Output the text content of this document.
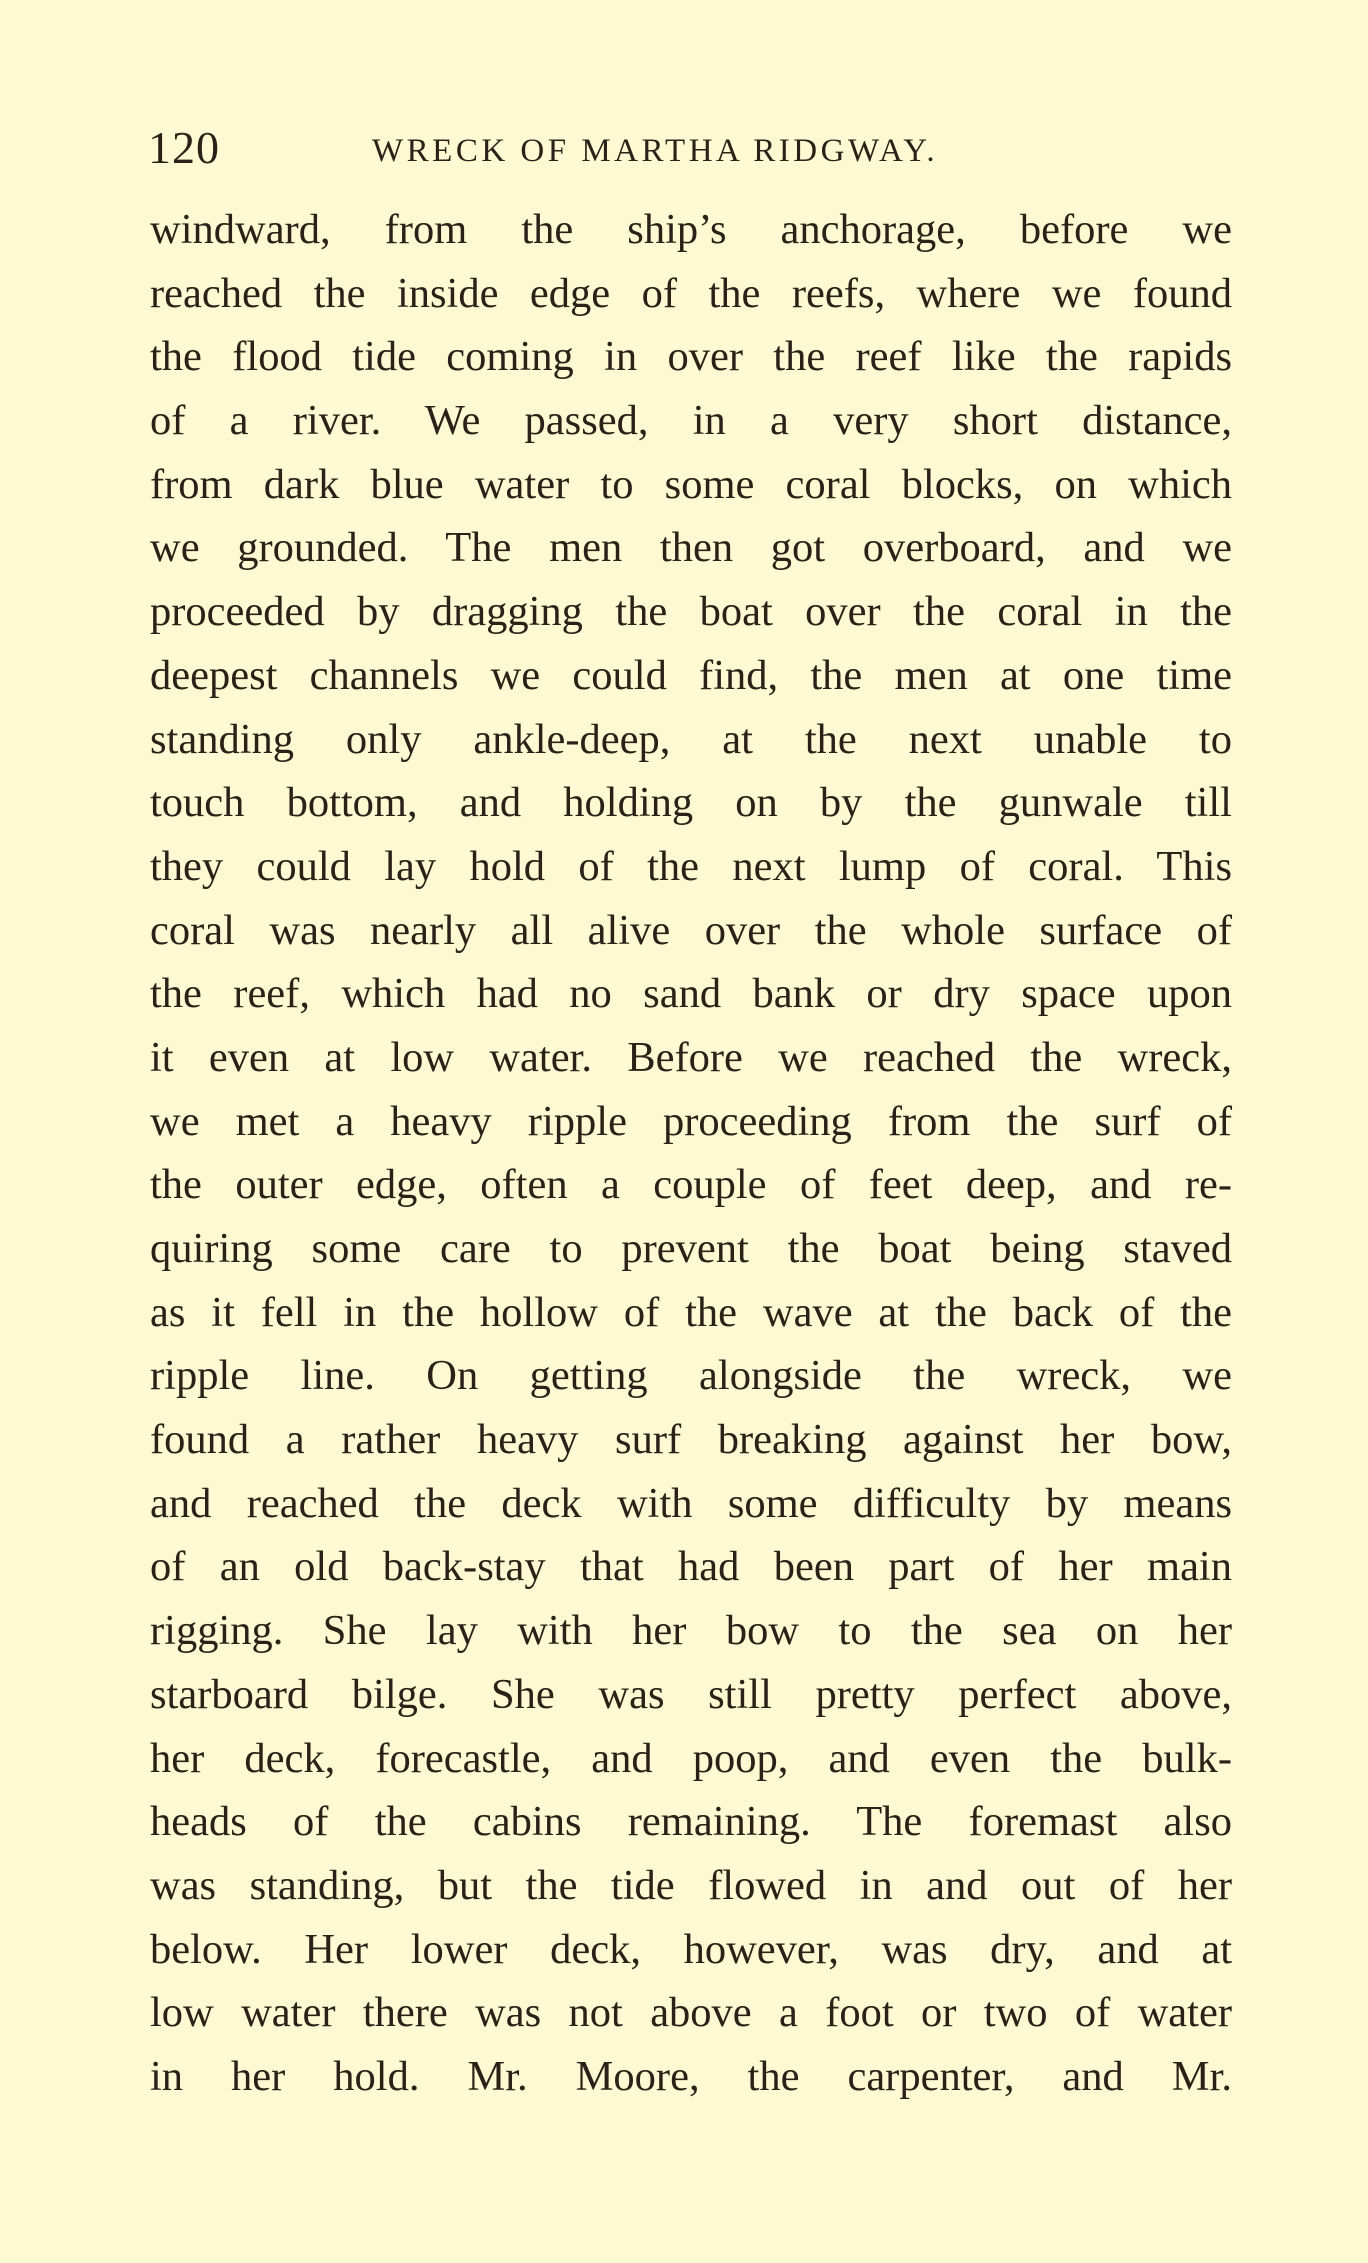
120	WRECK OF MARTHA RIDGWAY.
windward, from the ship’s anchorage, before we
reached the inside edge of the reefs, where we found
the flood tide coming in over the reef like the rapids
of a river. We passed, in a very short distance,
from dark blue water to some coral blocks, on which
we grounded. The men then got overboard, and we
proceeded by dragging the boat over the coral in the
deepest channels we could find, the men at one time
standing only ankle-deep, at the next unable to
touch bottom, and holding on by the gunwale till
they could lay hold of the next lump of coral. This
coral was nearly all alive over the whole surface of
the reef, which had no sand bank or dry space upon
it even at low water. Before we reached the wreck,
we met a heavy ripple proceeding from the surf of
the outer edge, often a couple of feet deep, and re-
quiring some care to prevent the boat being staved
as it fell in the hollow of the wave at the back of the
ripple line. On getting alongside the wreck, we
found a rather heavy surf breaking against her bow,
and reached the deck with some difficulty by means
of an old back-stay that had been part of her main
rigging. She lay with her bow to the sea on her
starboard bilge. She was still pretty perfect above,
her deck, forecastle, and poop, and even the bulk-
heads of the cabins remaining. The foremast also
was standing, but the tide flowed in and out of her
below. Her lower deck, however, was dry, and at
low water there was not above a foot or two of water
in her hold. Mr. Moore, the carpenter, and Mr.
